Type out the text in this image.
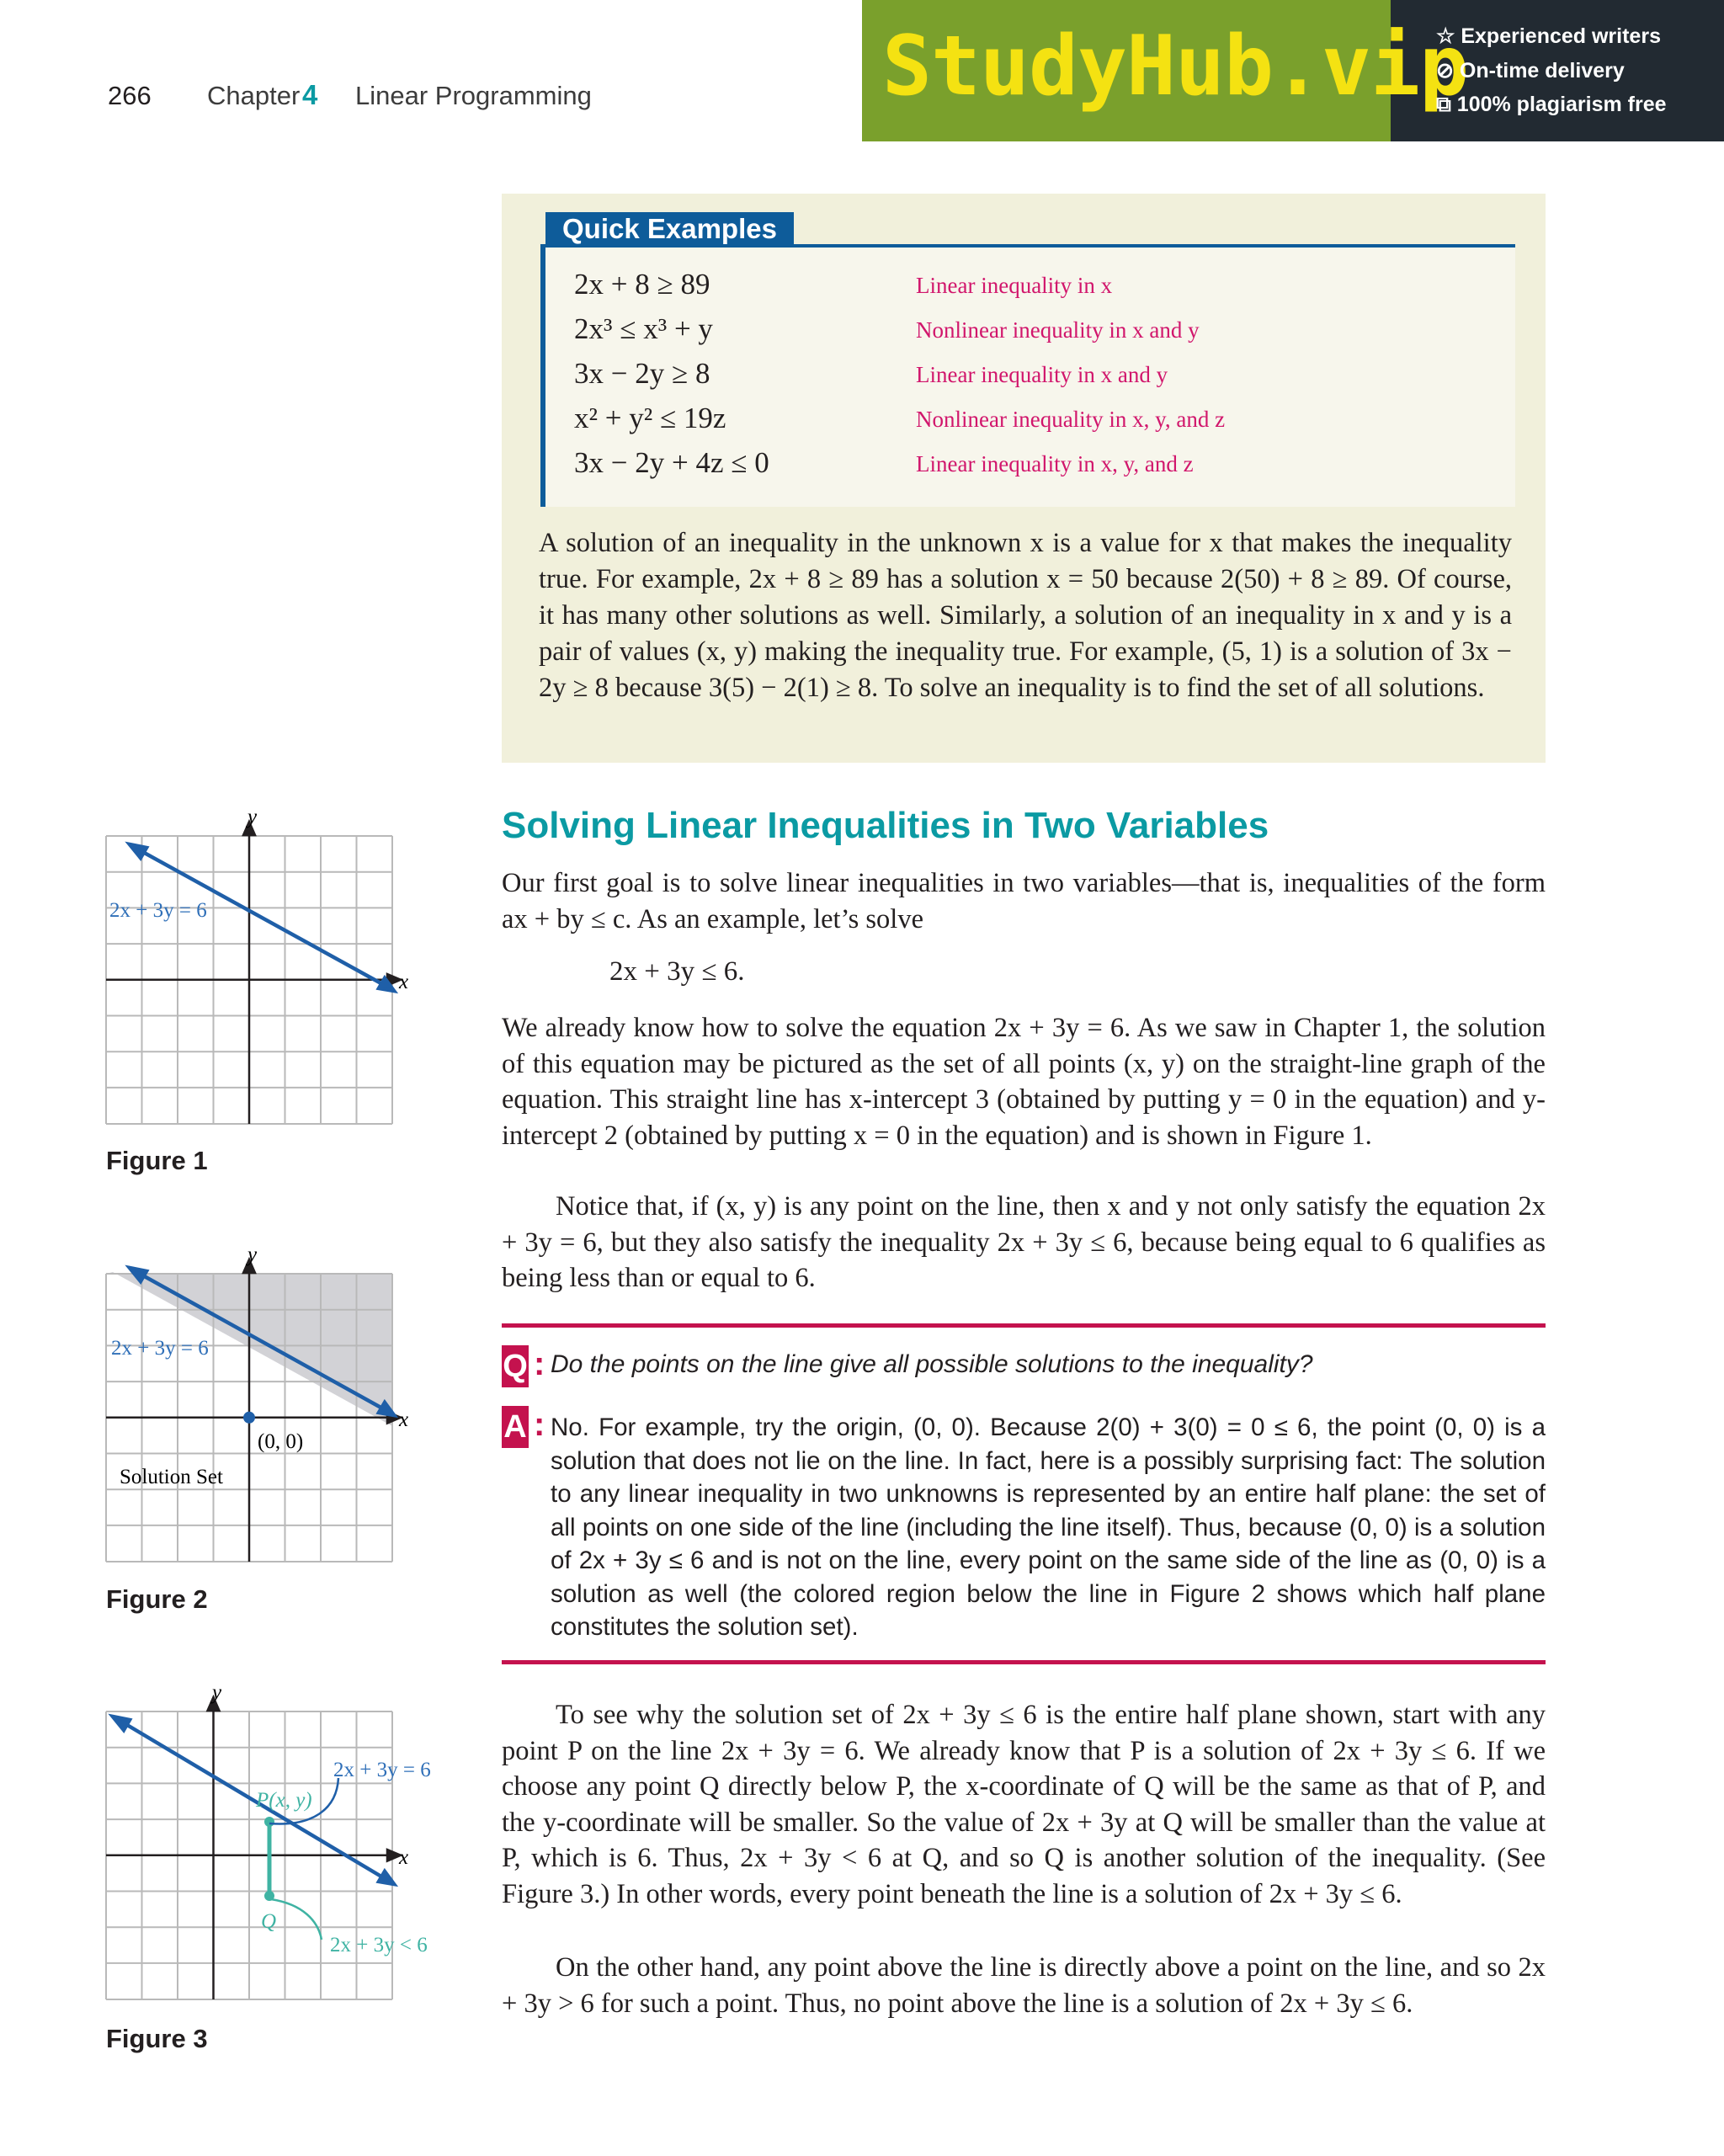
266 Chapter 4 Linear Programming	StudyHub.vip
☆ Experienced writers
⊘ On-time delivery
⧉ 100% plagiarism free
Quick Examples
2x + 8 ≥ 89	Linear inequality in x
2x³ ≤ x³ + y	Nonlinear inequality in x and y
3x − 2y ≥ 8	Linear inequality in x and y
x² + y² ≤ 19z	Nonlinear inequality in x, y, and z
3x − 2y + 4z ≤ 0	Linear inequality in x, y, and z
A solution of an inequality in the unknown x is a value for x that makes the inequality true. For example, 2x + 8 ≥ 89 has a solution x = 50 because 2(50) + 8 ≥ 89. Of course, it has many other solutions as well. Similarly, a solution of an inequality in x and y is a pair of values (x, y) making the inequality true. For example, (5, 1) is a solution of 3x − 2y ≥ 8 because 3(5) − 2(1) ≥ 8. To solve an inequality is to find the set of all solutions.
Solving Linear Inequalities in Two Variables
Our first goal is to solve linear inequalities in two variables—that is, inequalities of the form ax + by ≤ c. As an example, let’s solve
2x + 3y ≤ 6.
We already know how to solve the equation 2x + 3y = 6. As we saw in Chapter 1, the solution of this equation may be pictured as the set of all points (x, y) on the straight-line graph of the equation. This straight line has x-intercept 3 (obtained by putting y = 0 in the equation) and y-intercept 2 (obtained by putting x = 0 in the equation) and is shown in Figure 1.
Notice that, if (x, y) is any point on the line, then x and y not only satisfy the equation 2x + 3y = 6, but they also satisfy the inequality 2x + 3y ≤ 6, because being equal to 6 qualifies as being less than or equal to 6.
Q : Do the points on the line give all possible solutions to the inequality?
A : No. For example, try the origin, (0, 0). Because 2(0) + 3(0) = 0 ≤ 6, the point (0, 0) is a solution that does not lie on the line. In fact, here is a possibly surprising fact: The solution to any linear inequality in two unknowns is represented by an entire half plane: the set of all points on one side of the line (including the line itself). Thus, because (0, 0) is a solution of 2x + 3y ≤ 6 and is not on the line, every point on the same side of the line as (0, 0) is a solution as well (the colored region below the line in Figure 2 shows which half plane constitutes the solution set).
To see why the solution set of 2x + 3y ≤ 6 is the entire half plane shown, start with any point P on the line 2x + 3y = 6. We already know that P is a solution of 2x + 3y ≤ 6. If we choose any point Q directly below P, the x-coordinate of Q will be the same as that of P, and the y-coordinate will be smaller. So the value of 2x + 3y at Q will be smaller than the value at P, which is 6. Thus, 2x + 3y < 6 at Q, and so Q is another solution of the inequality. (See Figure 3.) In other words, every point beneath the line is a solution of 2x + 3y ≤ 6.
On the other hand, any point above the line is directly above a point on the line, and so 2x + 3y > 6 for such a point. Thus, no point above the line is a solution of 2x + 3y ≤ 6.
y
x
2x + 3y = 6
Figure 1
y
x
2x + 3y = 6
(0, 0)
Solution Set
Figure 2
y
x
2x + 3y = 6
P(x, y)
Q
2x + 3y < 6
Figure 3
